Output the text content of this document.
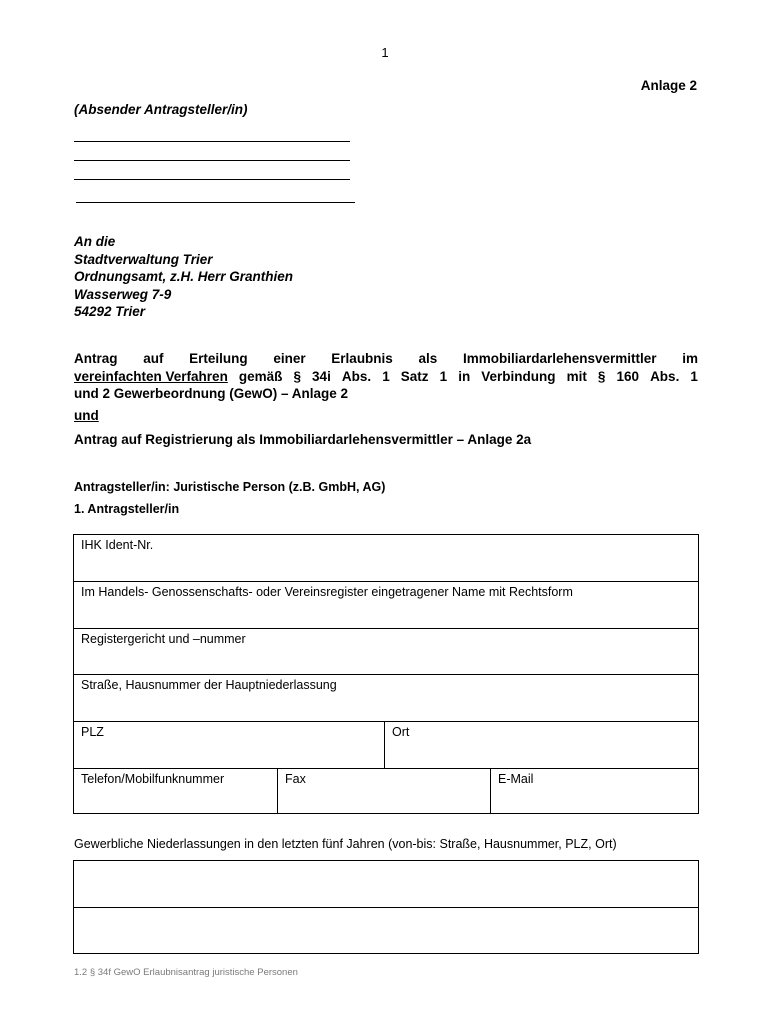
1
Anlage 2
(Absender Antragsteller/in)
An die
Stadtverwaltung Trier
Ordnungsamt, z.H. Herr Granthien
Wasserweg 7-9
54292 Trier
Antrag auf Erteilung einer Erlaubnis als Immobiliardarlehensvermittler im
vereinfachten Verfahren gemäß § 34i Abs. 1 Satz 1 in Verbindung mit § 160 Abs. 1
und 2 Gewerbeordnung (GewO) – Anlage 2
und
Antrag auf Registrierung als Immobiliardarlehensvermittler – Anlage 2a
Antragsteller/in: Juristische Person (z.B. GmbH, AG)
1. Antragsteller/in
IHK Ident-Nr.
Im Handels- Genossenschafts- oder Vereinsregister eingetragener Name mit Rechtsform
Registergericht und –nummer
Straße, Hausnummer der Hauptniederlassung
PLZ	Ort
Telefon/Mobilfunknummer	Fax	E-Mail
Gewerbliche Niederlassungen in den letzten fünf Jahren (von-bis: Straße, Hausnummer, PLZ, Ort)
1.2 § 34f GewO Erlaubnisantrag juristische Personen
